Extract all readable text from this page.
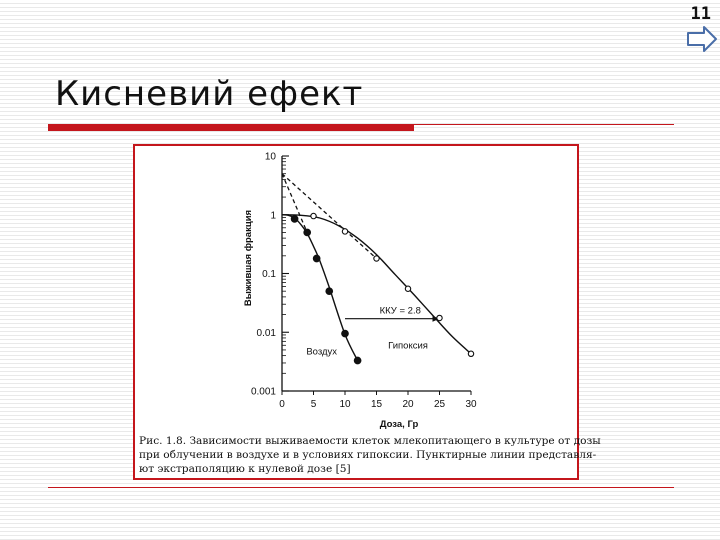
11
Кисневий ефект
0	5 10 15 20 25 30
10
1
0.1
0.01
0.001
ККУ = 2.8
Воздух
Гипоксия
Выжившая фракция
Доза, Гр
Рис. 1.8. Зависимости выживаемости клеток млекопитающего в культуре от дозы
при облучении в воздухе и в условиях гипоксии. Пунктирные линии представля-
ют экстраполяцию к нулевой дозе [5]
